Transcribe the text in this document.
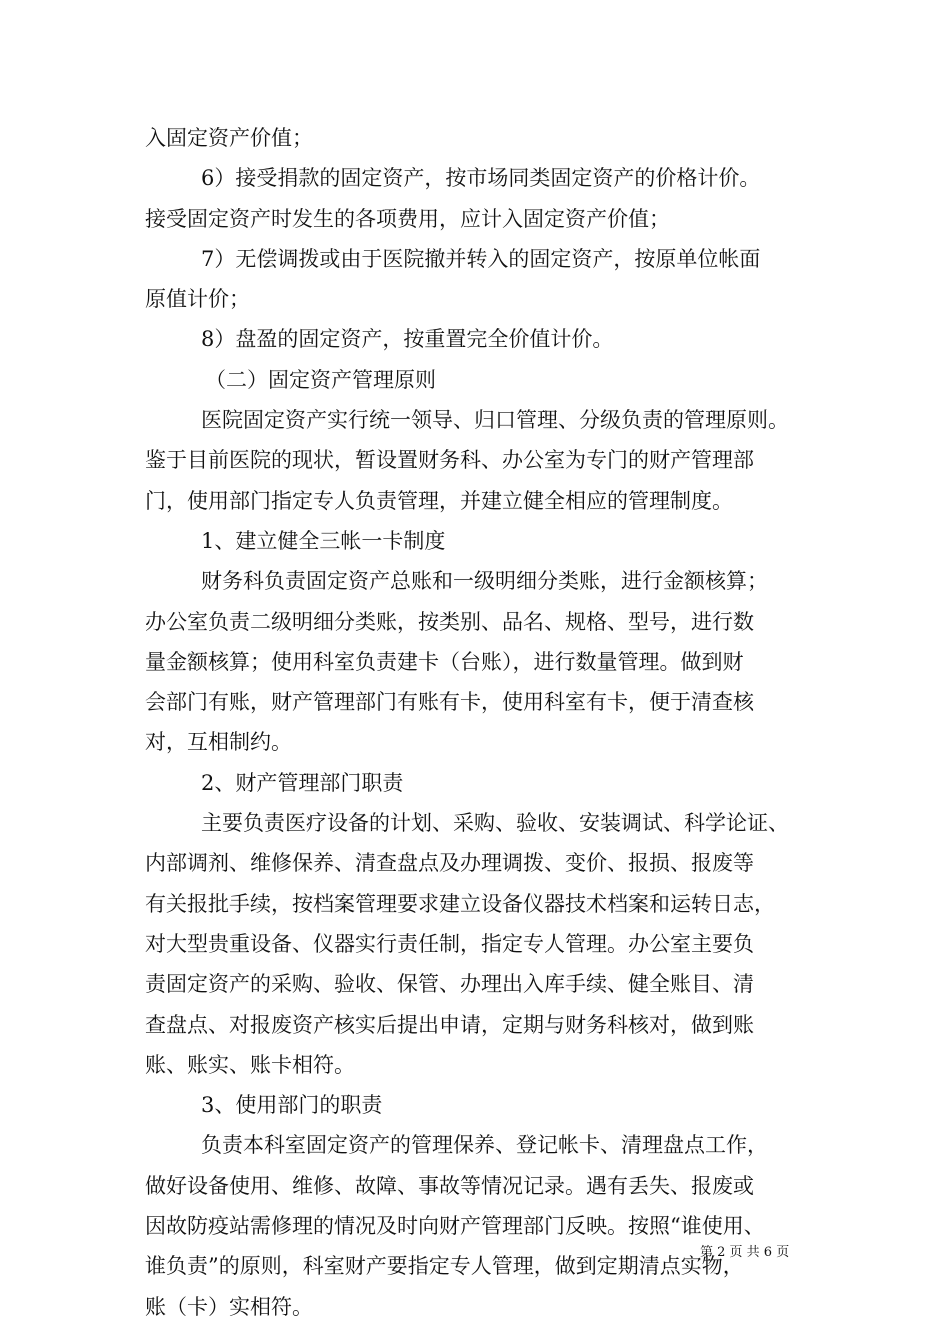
入固定资产价值；
6）接受捐款的固定资产，按市场同类固定资产的价格计价。
接受固定资产时发生的各项费用，应计入固定资产价值；
7）无偿调拨或由于医院撤并转入的固定资产，按原单位帐面
原值计价；
8）盘盈的固定资产，按重置完全价值计价。
（二）固定资产管理原则
医院固定资产实行统一领导、归口管理、分级负责的管理原则。
鉴于目前医院的现状，暂设置财务科、办公室为专门的财产管理部
门，使用部门指定专人负责管理，并建立健全相应的管理制度。
1、建立健全三帐一卡制度
财务科负责固定资产总账和一级明细分类账，进行金额核算；
办公室负责二级明细分类账，按类别、品名、规格、型号，进行数
量金额核算；使用科室负责建卡（台账），进行数量管理。做到财
会部门有账，财产管理部门有账有卡，使用科室有卡，便于清查核
对，互相制约。
2、财产管理部门职责
主要负责医疗设备的计划、采购、验收、安装调试、科学论证、
内部调剂、维修保养、清查盘点及办理调拨、变价、报损、报废等
有关报批手续，按档案管理要求建立设备仪器技术档案和运转日志，
对大型贵重设备、仪器实行责任制，指定专人管理。办公室主要负
责固定资产的采购、验收、保管、办理出入库手续、健全账目、清
查盘点、对报废资产核实后提出申请，定期与财务科核对，做到账
账、账实、账卡相符。
3、使用部门的职责
负责本科室固定资产的管理保养、登记帐卡、清理盘点工作，
做好设备使用、维修、故障、事故等情况记录。遇有丢失、报废或
因故防疫站需修理的情况及时向财产管理部门反映。按照“谁使用、
谁负责”的原则，科室财产要指定专人管理，做到定期清点实物，
账（卡）实相符。
第 2 页 共 6 页
